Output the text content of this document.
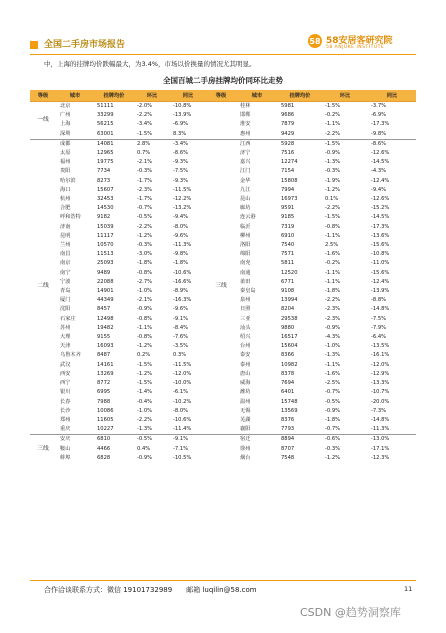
全国二手房市场报告	58 58安居客研究院
58 ANJUKE INSTITUTE
中，上海的挂牌均价跌幅最大，为3.4%，市场以价换量的情况尤其明显。
全国百城二手房挂牌均价同环比走势
等级	城市	挂牌均价	环比	同比	等级	城市	挂牌均价	环比	同比
一线	北京	51111	-2.0%	-10.8%		桂林	5981	-1.5%	-3.7%
	广州	33299	-2.2%	-13.9%		邯郸	9686	-0.2%	-6.9%
	上海	56215	-3.4%	-6.9%		淮安	7879	-1.1%	-17.3%
	深圳	63001	-1.5%	8.3%		惠州	9429	-2.2%	-9.8%
二线	成都	14081	2.8%	-3.4%	三线	江西	5928	-1.5%	-8.6%
	太原	12965	0.7%	-8.6%		济宁	7516	-0.9%	-12.6%
	福州	19775	-2.1%	-9.3%		嘉兴	12274	-1.3%	-14.5%
	贵阳	7734	-0.3%	-7.5%		江门	7154	-0.3%	-4.3%
	哈尔滨	8273	-1.7%	-9.3%		金华	15808	-1.9%	-12.4%
	海口	15607	-2.3%	-11.5%		九江	7994	-1.2%	-9.4%
	杭州	32453	-1.7%	-12.2%		昆山	16973	0.1%	-12.6%
	合肥	14530	-0.7%	-13.2%		廊坊	9591	-2.2%	-15.2%
	呼和浩特	9182	-0.5%	-9.4%		连云港	9185	-1.5%	-14.5%
	济南	15039	-2.2%	-8.0%		临沂	7319	-0.8%	-17.3%
	昆明	11117	-1.2%	-9.6%		柳州	6910	-1.1%	-13.6%
	兰州	10570	-0.3%	-11.3%		洛阳	7540	2.5%	-15.6%
	南昌	11513	-3.0%	-9.8%		绵阳	7571	-1.6%	-10.8%
	南京	25093	-1.8%	-1.8%		南充	5811	-0.2%	-11.0%
	南宁	9489	-0.8%	-10.6%		南通	12520	-1.1%	-15.6%
	宁波	22088	-2.7%	-16.6%		莆田	6771	-1.1%	-12.4%
	青岛	14901	-1.0%	-8.9%		秦皇岛	9108	-1.8%	-13.9%
	厦门	44349	-2.1%	-16.3%		泉州	13994	-2.2%	-8.8%
	沈阳	8457	-0.9%	-9.6%		日照	8204	-2.3%	-14.8%
	石家庄	12498	-0.8%	-9.1%		三亚	29538	-2.3%	-7.5%
	苏州	19482	-1.1%	-8.4%		汕头	9880	-0.9%	-7.9%
	大理	9155	-0.8%	-7.6%		绍兴	16517	-4.3%	-6.4%
	天津	16093	-1.2%	-3.5%		台州	15604	-1.0%	-13.5%
	乌鲁木齐	8487	0.2%	0.3%		泰安	8366	-1.3%	-16.1%
	武汉	14161	-1.5%	-11.5%		泰州	10982	-1.1%	-12.0%
	西安	13269	-1.2%	-12.0%		唐山	8378	-1.6%	-12.9%
	西宁	8772	-1.5%	-10.0%		威海	7694	-2.5%	-13.3%
	银川	6995	-1.4%	-6.1%		潍坊	6401	-0.7%	-10.7%
	长春	7988	-0.4%	-10.2%		温州	15748	-0.5%	-20.0%
	长沙	10086	-1.0%	-8.0%		无锡	13569	-0.9%	-7.3%
	郑州	11605	-2.2%	-10.6%		芜湖	8376	-1.8%	-14.8%
	重庆	10227	-1.3%	-11.4%		襄阳	7793	-0.7%	-11.3%
三线	安庆	6810	-0.5%	-9.1%		宿迁	8894	-0.6%	-13.0%
	鞍山	4466	0.4%	-7.1%		徐州	8707	-0.3%	-17.1%
	蚌埠	6828	-0.9%	-10.5%		烟台	7548	-1.2%	-12.3%
合作洽谈联系方式：微信 19101732989　　邮箱 luqilin@58.com	11
CSDN @趋势洞察库
